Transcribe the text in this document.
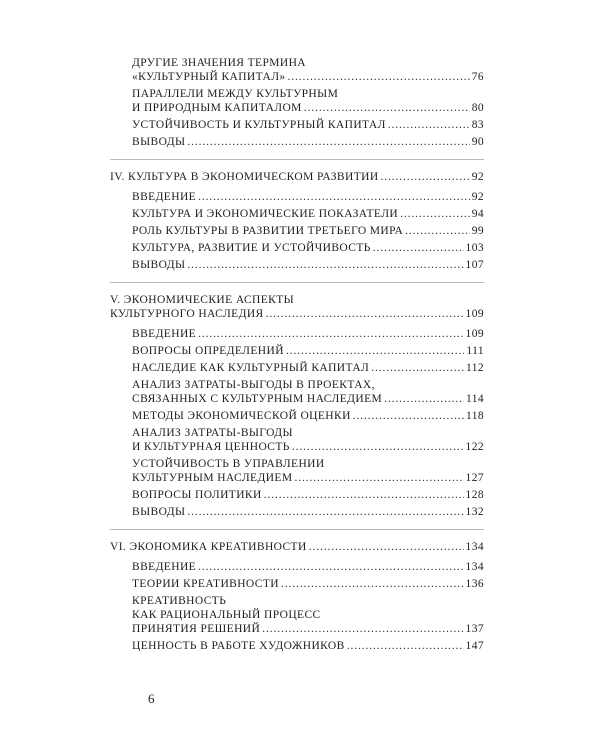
ДРУГИЕ ЗНАЧЕНИЯ ТЕРМИНА
«КУЛЬТУРНЫЙ КАПИТАЛ» . . .	76
ПАРАЛЛЕЛИ МЕЖДУ КУЛЬТУРНЫМ
И ПРИРОДНЫМ КАПИТАЛОМ . . .	80
УСТОЙЧИВОСТЬ И КУЛЬТУРНЫЙ КАПИТАЛ . . .	83
ВЫВОДЫ . . .	90
IV. КУЛЬТУРА В ЭКОНОМИЧЕСКОМ РАЗВИТИИ . . .	92
ВВЕДЕНИЕ . . .	92
КУЛЬТУРА И ЭКОНОМИЧЕСКИЕ ПОКАЗАТЕЛИ . . .	94
РОЛЬ КУЛЬТУРЫ В РАЗВИТИИ ТРЕТЬЕГО МИРА . . .	99
КУЛЬТУРА, РАЗВИТИЕ И УСТОЙЧИВОСТЬ . . .	103
ВЫВОДЫ . . .	107
V. ЭКОНОМИЧЕСКИЕ АСПЕКТЫ
КУЛЬТУРНОГО НАСЛЕДИЯ . . .	109
ВВЕДЕНИЕ . . .	109
ВОПРОСЫ ОПРЕДЕЛЕНИЙ . . .	111
НАСЛЕДИЕ КАК КУЛЬТУРНЫЙ КАПИТАЛ . . .	112
АНАЛИЗ ЗАТРАТЫ-ВЫГОДЫ В ПРОЕКТАХ,
СВЯЗАННЫХ С КУЛЬТУРНЫМ НАСЛЕДИЕМ . . .	114
МЕТОДЫ ЭКОНОМИЧЕСКОЙ ОЦЕНКИ . . .	118
АНАЛИЗ ЗАТРАТЫ-ВЫГОДЫ
И КУЛЬТУРНАЯ ЦЕННОСТЬ . . .	122
УСТОЙЧИВОСТЬ В УПРАВЛЕНИИ
КУЛЬТУРНЫМ НАСЛЕДИЕМ . . .	127
ВОПРОСЫ ПОЛИТИКИ . . .	128
ВЫВОДЫ . . .	132
VI. ЭКОНОМИКА КРЕАТИВНОСТИ . . .	134
ВВЕДЕНИЕ . . .	134
ТЕОРИИ КРЕАТИВНОСТИ . . .	136
КРЕАТИВНОСТЬ
КАК РАЦИОНАЛЬНЫЙ ПРОЦЕСС
ПРИНЯТИЯ РЕШЕНИЙ . . .	137
ЦЕННОСТЬ В РАБОТЕ ХУДОЖНИКОВ . . .	147
6
